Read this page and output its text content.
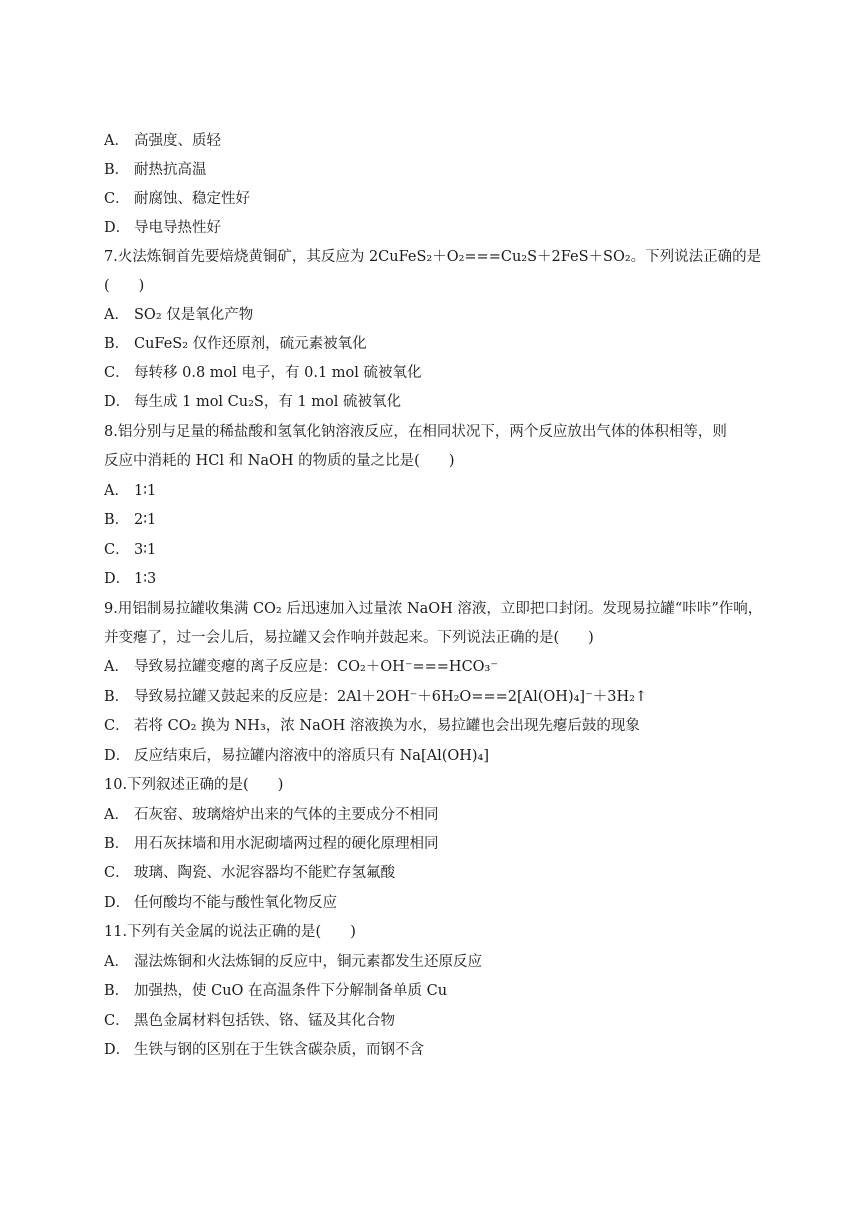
A． 高强度、质轻
B． 耐热抗高温
C． 耐腐蚀、稳定性好
D． 导电导热性好
7.火法炼铜首先要焙烧黄铜矿，其反应为 2CuFeS₂＋O₂===Cu₂S＋2FeS＋SO₂。下列说法正确的是
(　　)
A． SO₂ 仅是氧化产物
B． CuFeS₂ 仅作还原剂，硫元素被氧化
C． 每转移 0.8 mol 电子，有 0.1 mol 硫被氧化
D． 每生成 1 mol Cu₂S，有 1 mol 硫被氧化
8.铝分别与足量的稀盐酸和氢氧化钠溶液反应，在相同状况下，两个反应放出气体的体积相等，则
反应中消耗的 HCl 和 NaOH 的物质的量之比是(　　)
A． 1∶1
B． 2∶1
C． 3∶1
D． 1∶3
9.用铝制易拉罐收集满 CO₂ 后迅速加入过量浓 NaOH 溶液，立即把口封闭。发现易拉罐“咔咔”作响，
并变瘪了，过一会儿后，易拉罐又会作响并鼓起来。下列说法正确的是(　　)
A． 导致易拉罐变瘪的离子反应是：CO₂＋OH⁻===HCO₃⁻
B． 导致易拉罐又鼓起来的反应是：2Al＋2OH⁻＋6H₂O===2[Al(OH)₄]⁻＋3H₂↑
C． 若将 CO₂ 换为 NH₃，浓 NaOH 溶液换为水，易拉罐也会出现先瘪后鼓的现象
D． 反应结束后，易拉罐内溶液中的溶质只有 Na[Al(OH)₄]
10.下列叙述正确的是(　　)
A． 石灰窑、玻璃熔炉出来的气体的主要成分不相同
B． 用石灰抹墙和用水泥砌墙两过程的硬化原理相同
C． 玻璃、陶瓷、水泥容器均不能贮存氢氟酸
D． 任何酸均不能与酸性氧化物反应
11.下列有关金属的说法正确的是(　　)
A． 湿法炼铜和火法炼铜的反应中，铜元素都发生还原反应
B． 加强热，使 CuO 在高温条件下分解制备单质 Cu
C． 黑色金属材料包括铁、铬、锰及其化合物
D． 生铁与钢的区别在于生铁含碳杂质，而钢不含
